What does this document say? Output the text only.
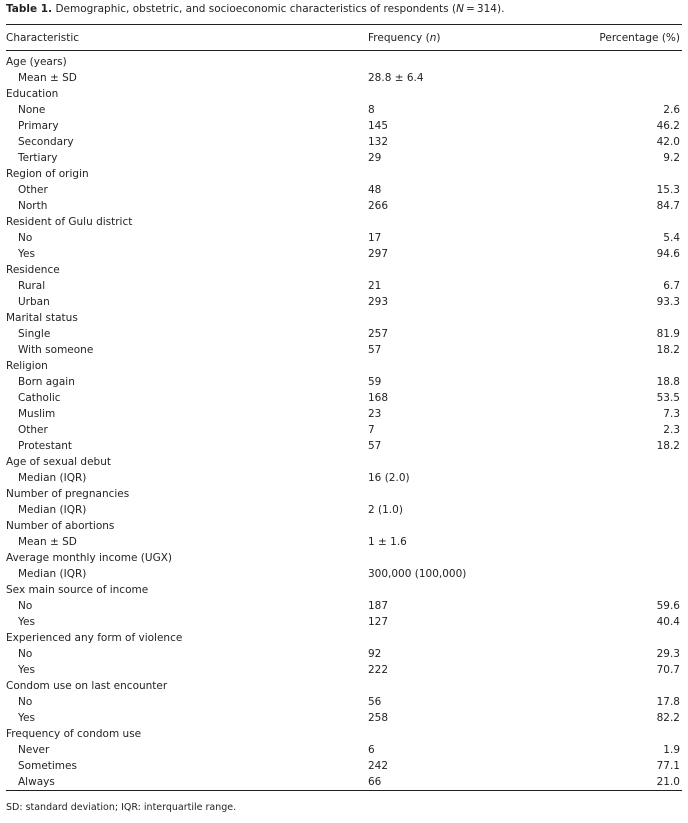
Table 1. Demographic, obstetric, and socioeconomic characteristics of respondents (N = 314).
Characteristic	Frequency (n)	Percentage (%)
Age (years)
Mean ± SD	28.8 ± 6.4
Education
None	8	2.6
Primary	145	46.2
Secondary	132	42.0
Tertiary	29	9.2
Region of origin
Other	48	15.3
North	266	84.7
Resident of Gulu district
No	17	5.4
Yes	297	94.6
Residence
Rural	21	6.7
Urban	293	93.3
Marital status
Single	257	81.9
With someone	57	18.2
Religion
Born again	59	18.8
Catholic	168	53.5
Muslim	23	7.3
Other	7	2.3
Protestant	57	18.2
Age of sexual debut
Median (IQR)	16 (2.0)
Number of pregnancies
Median (IQR)	2 (1.0)
Number of abortions
Mean ± SD	1 ± 1.6
Average monthly income (UGX)
Median (IQR)	300,000 (100,000)
Sex main source of income
No	187	59.6
Yes	127	40.4
Experienced any form of violence
No	92	29.3
Yes	222	70.7
Condom use on last encounter
No	56	17.8
Yes	258	82.2
Frequency of condom use
Never	6	1.9
Sometimes	242	77.1
Always	66	21.0
SD: standard deviation; IQR: interquartile range.
